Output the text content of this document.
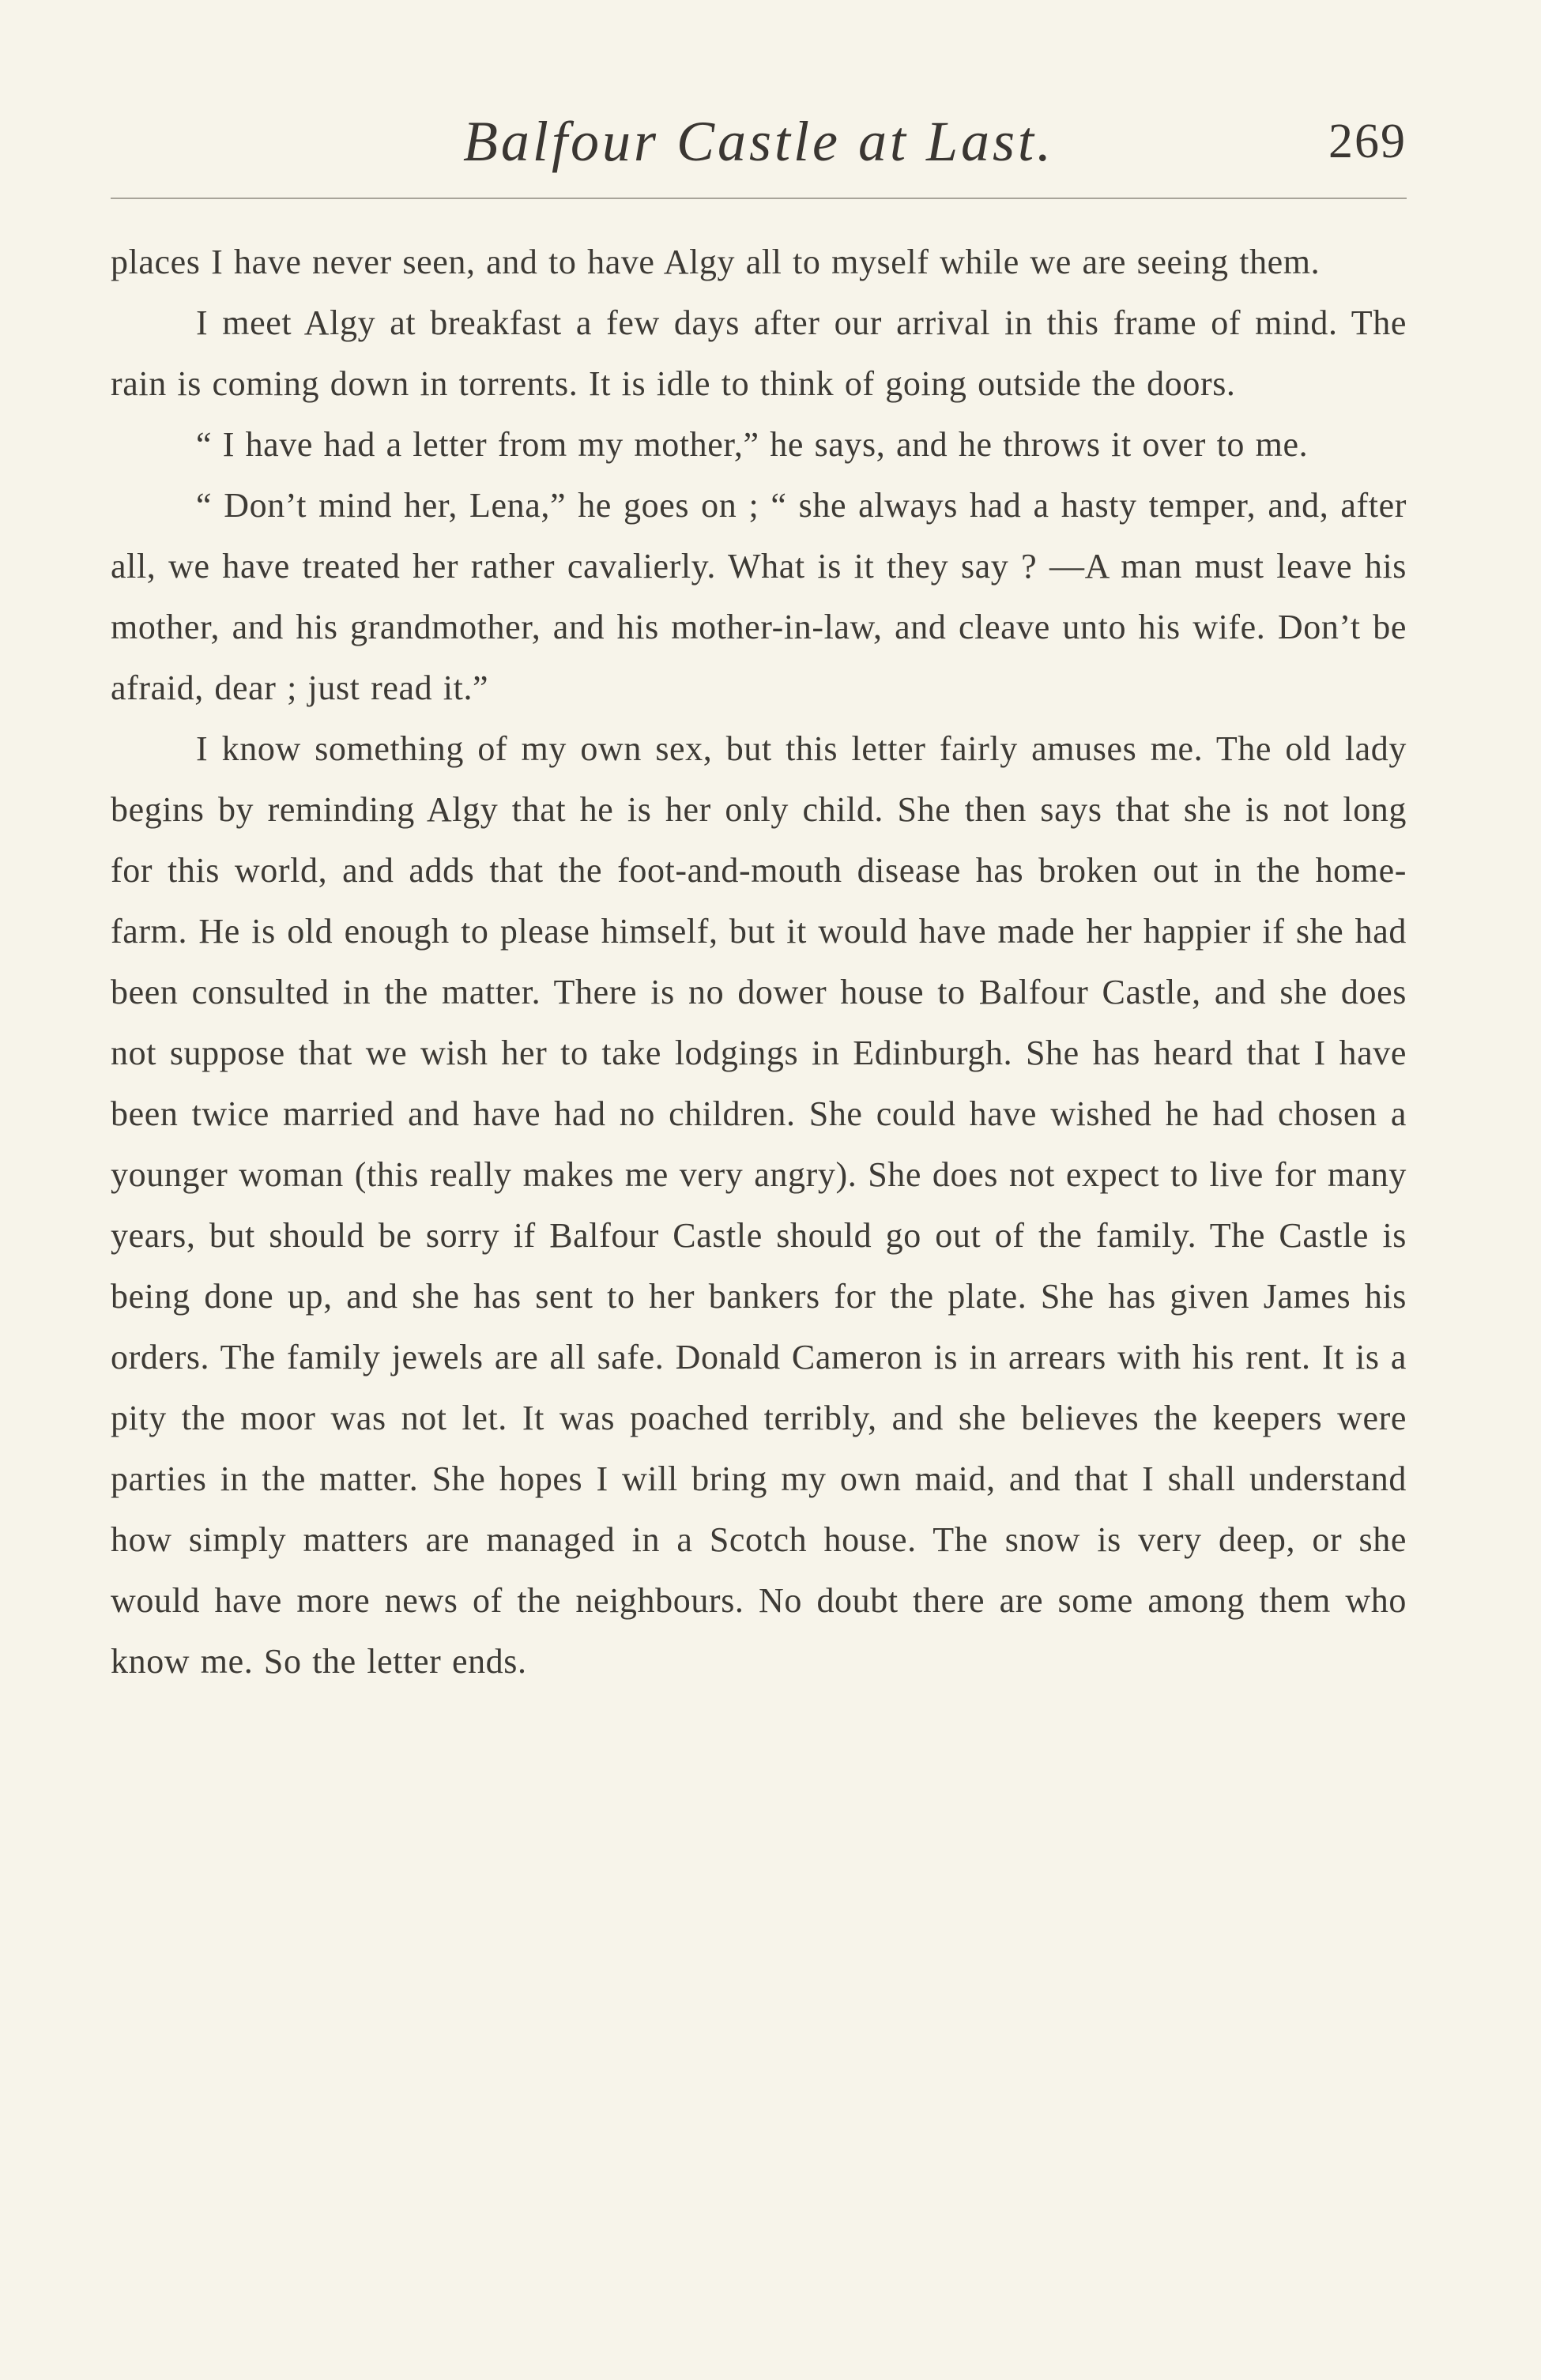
Balfour Castle at Last.	269

places I have never seen, and to have Algy all to myself while we are seeing them.

I meet Algy at breakfast a few days after our arrival in this frame of mind. The rain is coming down in torrents. It is idle to think of going outside the doors.

“ I have had a letter from my mother,” he says, and he throws it over to me.

“ Don’t mind her, Lena,” he goes on ; “ she always had a hasty temper, and, after all, we have treated her rather cavalierly. What is it they say ? —A man must leave his mother, and his grandmother, and his mother-in-law, and cleave unto his wife. Don’t be afraid, dear ; just read it.”

I know something of my own sex, but this letter fairly amuses me. The old lady begins by reminding Algy that he is her only child. She then says that she is not long for this world, and adds that the foot-and-mouth disease has broken out in the home-farm. He is old enough to please himself, but it would have made her happier if she had been consulted in the matter. There is no dower house to Balfour Castle, and she does not suppose that we wish her to take lodgings in Edinburgh. She has heard that I have been twice married and have had no children. She could have wished he had chosen a younger woman (this really makes me very angry). She does not expect to live for many years, but should be sorry if Balfour Castle should go out of the family. The Castle is being done up, and she has sent to her bankers for the plate. She has given James his orders. The family jewels are all safe. Donald Cameron is in arrears with his rent. It is a pity the moor was not let. It was poached terribly, and she believes the keepers were parties in the matter. She hopes I will bring my own maid, and that I shall understand how simply matters are managed in a Scotch house. The snow is very deep, or she would have more news of the neighbours. No doubt there are some among them who know me. So the letter ends.
